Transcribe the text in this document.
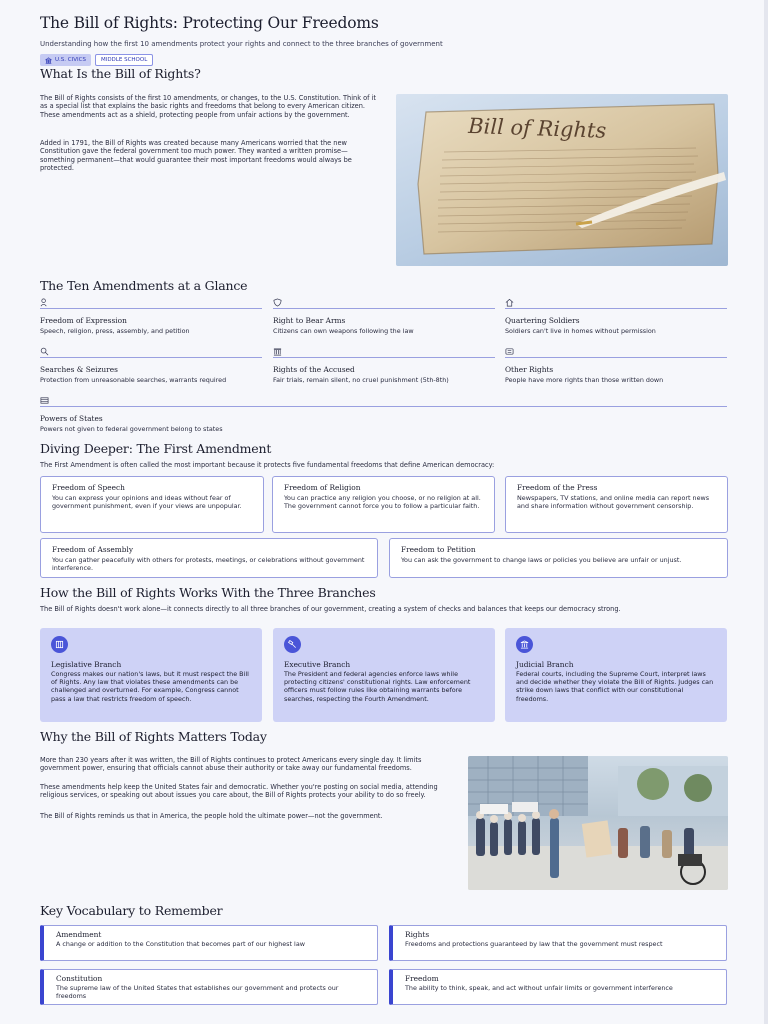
The Bill of Rights: Protecting Our Freedoms

Understanding how the first 10 amendments protect your rights and connect to the three branches of government

U.S. CIVICS	MIDDLE SCHOOL
What Is the Bill of Rights?

The Bill of Rights consists of the first 10 amendments, or changes, to the U.S. Constitution. Think of it as a special list that explains the basic rights and freedoms that belong to every American citizen. These amendments act as a shield, protecting people from unfair actions by the government.

Added in 1791, the Bill of Rights was created because many Americans worried that the new Constitution gave the federal government too much power. They wanted a written promise—something permanent—that would guarantee their most important freedoms would always be protected.

Bill of Rights
The Ten Amendments at a Glance
Freedom of Expression
Speech, religion, press, assembly, and petition
Right to Bear Arms
Citizens can own weapons following the law
Quartering Soldiers
Soldiers can't live in homes without permission
Searches & Seizures
Protection from unreasonable searches, warrants required
Rights of the Accused
Fair trials, remain silent, no cruel punishment (5th-8th)
Other Rights
People have more rights than those written down
Powers of States
Powers not given to federal government belong to states
Diving Deeper: The First Amendment

The First Amendment is often called the most important because it protects five fundamental freedoms that define American democracy:

Freedom of Speech
You can express your opinions and ideas without fear of government punishment, even if your views are unpopular.
Freedom of Religion
You can practice any religion you choose, or no religion at all. The government cannot force you to follow a particular faith.
Freedom of the Press
Newspapers, TV stations, and online media can report news and share information without government censorship.
Freedom of Assembly
You can gather peacefully with others for protests, meetings, or celebrations without government interference.
Freedom to Petition
You can ask the government to change laws or policies you believe are unfair or unjust.
How the Bill of Rights Works With the Three Branches

The Bill of Rights doesn't work alone—it connects directly to all three branches of our government, creating a system of checks and balances that keeps our democracy strong.

Legislative Branch
Congress makes our nation's laws, but it must respect the Bill of Rights. Any law that violates these amendments can be challenged and overturned. For example, Congress cannot pass a law that restricts freedom of speech.
Executive Branch
The President and federal agencies enforce laws while protecting citizens' constitutional rights. Law enforcement officers must follow rules like obtaining warrants before searches, respecting the Fourth Amendment.
Judicial Branch
Federal courts, including the Supreme Court, interpret laws and decide whether they violate the Bill of Rights. Judges can strike down laws that conflict with our constitutional freedoms.
Why the Bill of Rights Matters Today

More than 230 years after it was written, the Bill of Rights continues to protect Americans every single day. It limits government power, ensuring that officials cannot abuse their authority or take away our fundamental freedoms.

These amendments help keep the United States fair and democratic. Whether you're posting on social media, attending religious services, or speaking out about issues you care about, the Bill of Rights protects your ability to do so freely.

The Bill of Rights reminds us that in America, the people hold the ultimate power—not the government.

Key Vocabulary to Remember
Amendment
A change or addition to the Constitution that becomes part of our highest law
Rights
Freedoms and protections guaranteed by law that the government must respect
Constitution
The supreme law of the United States that establishes our government and protects our freedoms
Freedom
The ability to think, speak, and act without unfair limits or government interference
